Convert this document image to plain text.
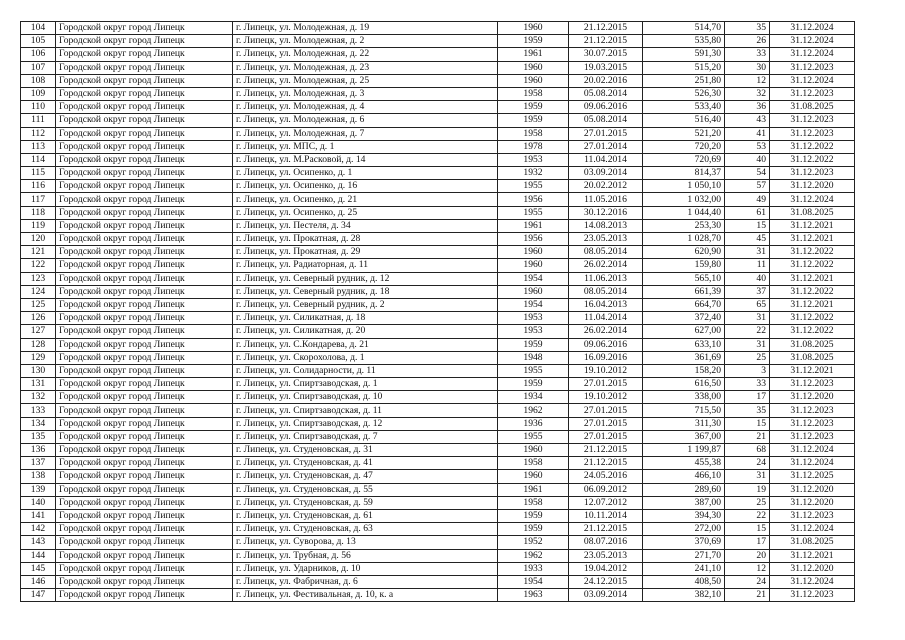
104	Городской округ город Липецк	г. Липецк, ул. Молодежная, д. 19	1960	21.12.2015	514,70	35	31.12.2024
105	Городской округ город Липецк	г. Липецк, ул. Молодежная, д. 2	1959	21.12.2015	535,80	26	31.12.2024
106	Городской округ город Липецк	г. Липецк, ул. Молодежная, д. 22	1961	30.07.2015	591,30	33	31.12.2024
107	Городской округ город Липецк	г. Липецк, ул. Молодежная, д. 23	1960	19.03.2015	515,20	30	31.12.2023
108	Городской округ город Липецк	г. Липецк, ул. Молодежная, д. 25	1960	20.02.2016	251,80	12	31.12.2024
109	Городской округ город Липецк	г. Липецк, ул. Молодежная, д. 3	1958	05.08.2014	526,30	32	31.12.2023
110	Городской округ город Липецк	г. Липецк, ул. Молодежная, д. 4	1959	09.06.2016	533,40	36	31.08.2025
111	Городской округ город Липецк	г. Липецк, ул. Молодежная, д. 6	1959	05.08.2014	516,40	43	31.12.2023
112	Городской округ город Липецк	г. Липецк, ул. Молодежная, д. 7	1958	27.01.2015	521,20	41	31.12.2023
113	Городской округ город Липецк	г. Липецк, ул. МПС, д. 1	1978	27.01.2014	720,20	53	31.12.2022
114	Городской округ город Липецк	г. Липецк, ул. М.Расковой, д. 14	1953	11.04.2014	720,69	40	31.12.2022
115	Городской округ город Липецк	г. Липецк, ул. Осипенко, д. 1	1932	03.09.2014	814,37	54	31.12.2023
116	Городской округ город Липецк	г. Липецк, ул. Осипенко, д. 16	1955	20.02.2012	1 050,10	57	31.12.2020
117	Городской округ город Липецк	г. Липецк, ул. Осипенко, д. 21	1956	11.05.2016	1 032,00	49	31.12.2024
118	Городской округ город Липецк	г. Липецк, ул. Осипенко, д. 25	1955	30.12.2016	1 044,40	61	31.08.2025
119	Городской округ город Липецк	г. Липецк, ул. Пестеля, д. 34	1961	14.08.2013	253,30	15	31.12.2021
120	Городской округ город Липецк	г. Липецк, ул. Прокатная, д. 28	1956	23.05.2013	1 028,70	45	31.12.2021
121	Городской округ город Липецк	г. Липецк, ул. Прокатная, д. 29	1960	08.05.2014	620,90	31	31.12.2022
122	Городской округ город Липецк	г. Липецк, ул. Радиаторная, д. 11	1960	26.02.2014	159,80	11	31.12.2022
123	Городской округ город Липецк	г. Липецк, ул. Северный рудник, д. 12	1954	11.06.2013	565,10	40	31.12.2021
124	Городской округ город Липецк	г. Липецк, ул. Северный рудник, д. 18	1960	08.05.2014	661,39	37	31.12.2022
125	Городской округ город Липецк	г. Липецк, ул. Северный рудник, д. 2	1954	16.04.2013	664,70	65	31.12.2021
126	Городской округ город Липецк	г. Липецк, ул. Силикатная, д. 18	1953	11.04.2014	372,40	31	31.12.2022
127	Городской округ город Липецк	г. Липецк, ул. Силикатная, д. 20	1953	26.02.2014	627,00	22	31.12.2022
128	Городской округ город Липецк	г. Липецк, ул. С.Кондарева, д. 21	1959	09.06.2016	633,10	31	31.08.2025
129	Городской округ город Липецк	г. Липецк, ул. Скорохолова, д. 1	1948	16.09.2016	361,69	25	31.08.2025
130	Городской округ город Липецк	г. Липецк, ул. Солидарности, д. 11	1955	19.10.2012	158,20	3	31.12.2021
131	Городской округ город Липецк	г. Липецк, ул. Спиртзаводская, д. 1	1959	27.01.2015	616,50	33	31.12.2023
132	Городской округ город Липецк	г. Липецк, ул. Спиртзаводская, д. 10	1934	19.10.2012	338,00	17	31.12.2020
133	Городской округ город Липецк	г. Липецк, ул. Спиртзаводская, д. 11	1962	27.01.2015	715,50	35	31.12.2023
134	Городской округ город Липецк	г. Липецк, ул. Спиртзаводская, д. 12	1936	27.01.2015	311,30	15	31.12.2023
135	Городской округ город Липецк	г. Липецк, ул. Спиртзаводская, д. 7	1955	27.01.2015	367,00	21	31.12.2023
136	Городской округ город Липецк	г. Липецк, ул. Студеновская, д. 31	1960	21.12.2015	1 199,87	68	31.12.2024
137	Городской округ город Липецк	г. Липецк, ул. Студеновская, д. 41	1958	21.12.2015	455,38	24	31.12.2024
138	Городской округ город Липецк	г. Липецк, ул. Студеновская, д. 47	1960	24.05.2016	466,10	31	31.12.2025
139	Городской округ город Липецк	г. Липецк, ул. Студеновская, д. 55	1961	06.09.2012	289,60	19	31.12.2020
140	Городской округ город Липецк	г. Липецк, ул. Студеновская, д. 59	1958	12.07.2012	387,00	25	31.12.2020
141	Городской округ город Липецк	г. Липецк, ул. Студеновская, д. 61	1959	10.11.2014	394,30	22	31.12.2023
142	Городской округ город Липецк	г. Липецк, ул. Студеновская, д. 63	1959	21.12.2015	272,00	15	31.12.2024
143	Городской округ город Липецк	г. Липецк, ул. Суворова, д. 13	1952	08.07.2016	370,69	17	31.08.2025
144	Городской округ город Липецк	г. Липецк, ул. Трубная, д. 56	1962	23.05.2013	271,70	20	31.12.2021
145	Городской округ город Липецк	г. Липецк, ул. Ударников, д. 10	1933	19.04.2012	241,10	12	31.12.2020
146	Городской округ город Липецк	г. Липецк, ул. Фабричная, д. 6	1954	24.12.2015	408,50	24	31.12.2024
147	Городской округ город Липецк	г. Липецк, ул. Фестивальная, д. 10, к. а	1963	03.09.2014	382,10	21	31.12.2023
